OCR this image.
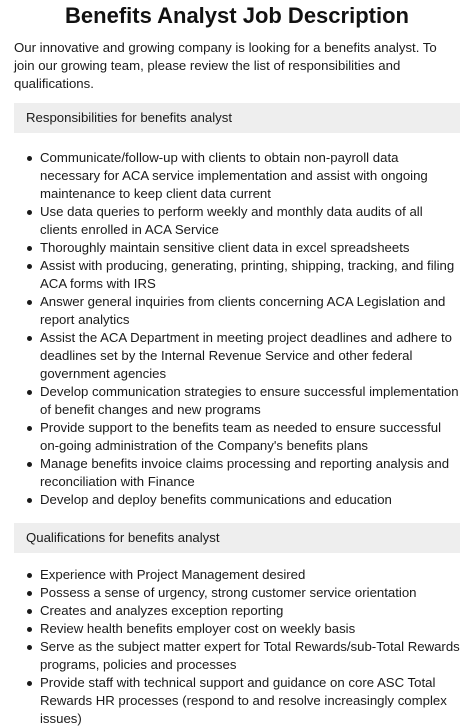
Benefits Analyst Job Description

Our innovative and growing company is looking for a benefits analyst. To join our growing team, please review the list of responsibilities and qualifications.

Responsibilities for benefits analyst
Communicate/follow-up with clients to obtain non-payroll data necessary for ACA service implementation and assist with ongoing maintenance to keep client data current
Use data queries to perform weekly and monthly data audits of all clients enrolled in ACA Service
Thoroughly maintain sensitive client data in excel spreadsheets
Assist with producing, generating, printing, shipping, tracking, and filing ACA forms with IRS
Answer general inquiries from clients concerning ACA Legislation and report analytics
Assist the ACA Department in meeting project deadlines and adhere to deadlines set by the Internal Revenue Service and other federal government agencies
Develop communication strategies to ensure successful implementation of benefit changes and new programs
Provide support to the benefits team as needed to ensure successful on-going administration of the Company's benefits plans
Manage benefits invoice claims processing and reporting analysis and reconciliation with Finance
Develop and deploy benefits communications and education
Qualifications for benefits analyst
Experience with Project Management desired
Possess a sense of urgency, strong customer service orientation
Creates and analyzes exception reporting
Review health benefits employer cost on weekly basis
Serve as the subject matter expert for Total Rewards/sub-Total Rewards programs, policies and processes
Provide staff with technical support and guidance on core ASC Total Rewards HR processes (respond to and resolve increasingly complex issues)
